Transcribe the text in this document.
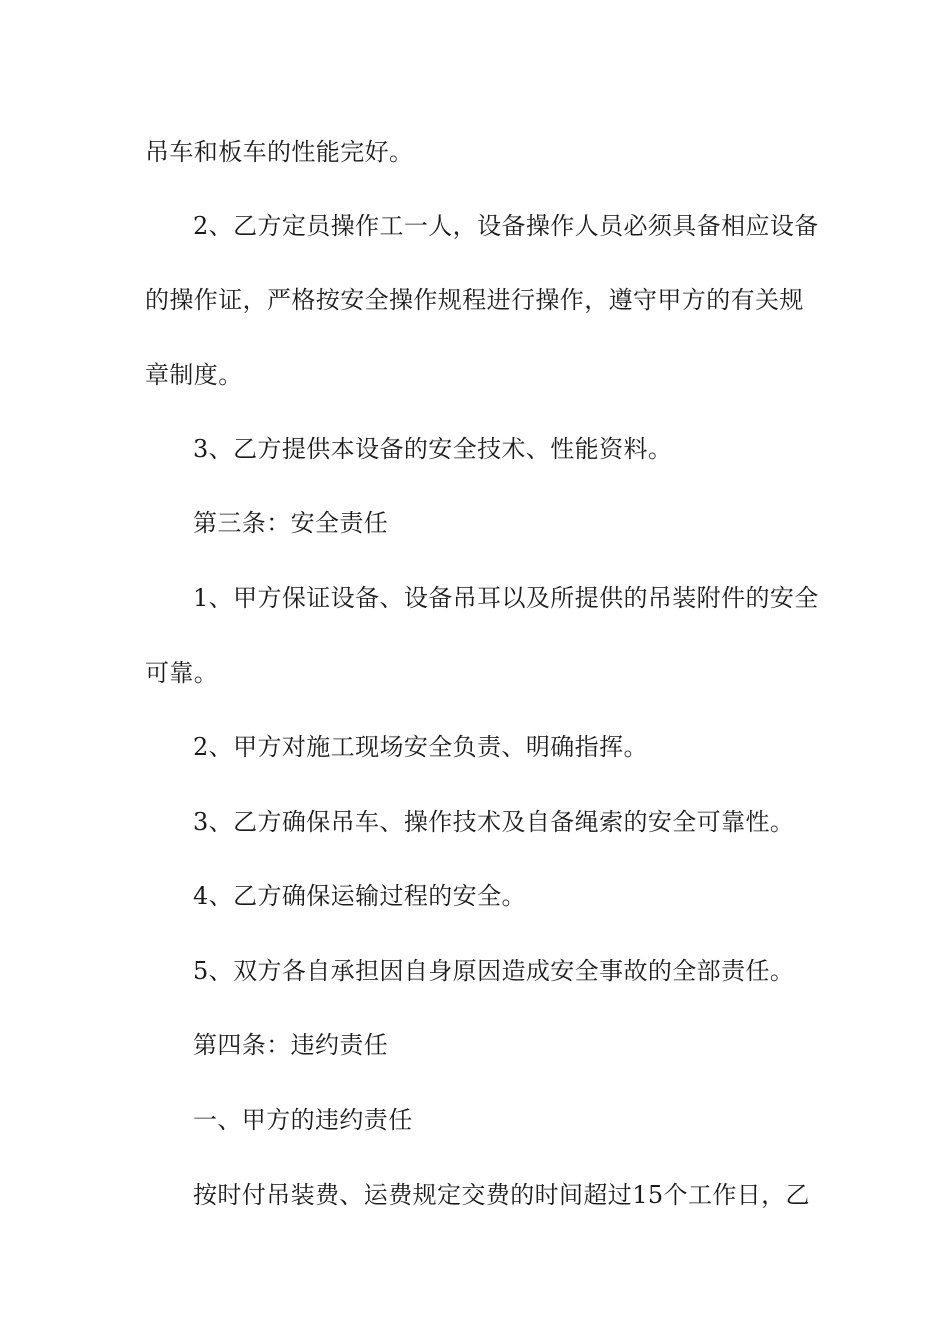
吊车和板车的性能完好。
2、乙方定员操作工一人，设备操作人员必须具备相应设备
的操作证，严格按安全操作规程进行操作，遵守甲方的有关规
章制度。
3、乙方提供本设备的安全技术、性能资料。
第三条：安全责任
1、甲方保证设备、设备吊耳以及所提供的吊装附件的安全
可靠。
2、甲方对施工现场安全负责、明确指挥。
3、乙方确保吊车、操作技术及自备绳索的安全可靠性。
4、乙方确保运输过程的安全。
5、双方各自承担因自身原因造成安全事故的全部责任。
第四条：违约责任
一、甲方的违约责任
按时付吊装费、运费规定交费的时间超过15个工作日，乙
